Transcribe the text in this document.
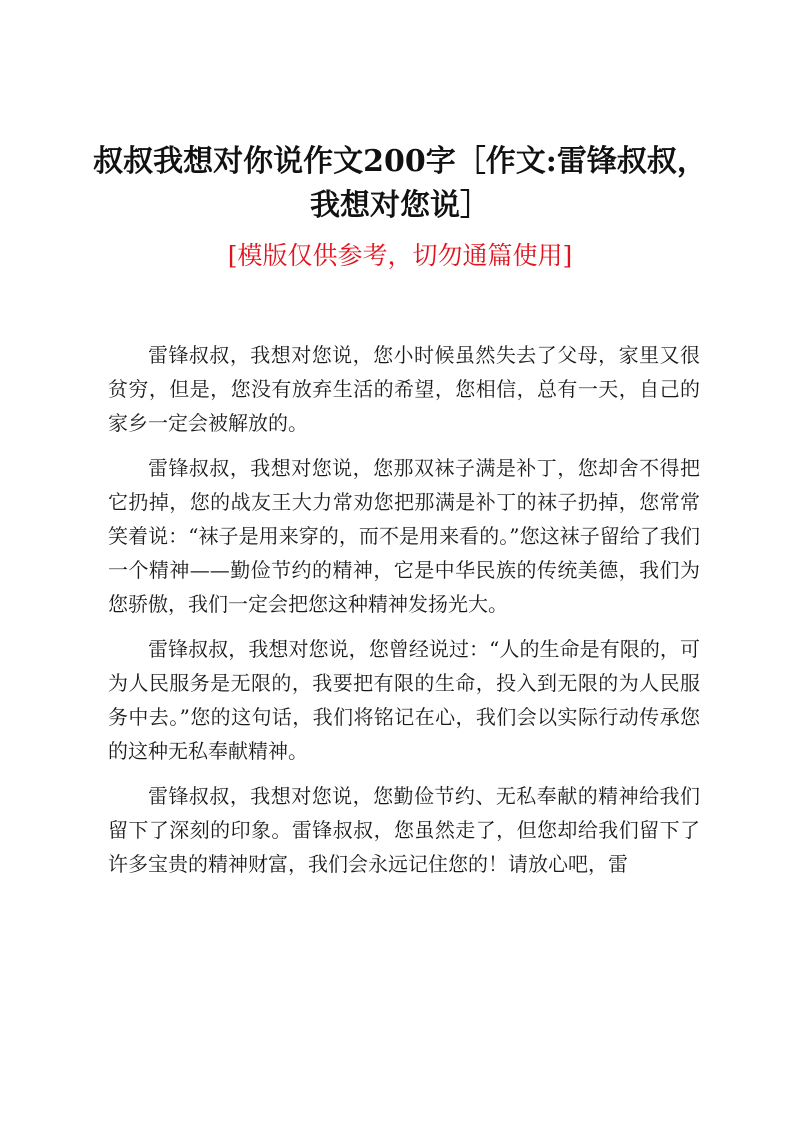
叔叔我想对你说作文200字［作文:雷锋叔叔，我想对您说］
[模版仅供参考，切勿通篇使用]

雷锋叔叔，我想对您说，您小时候虽然失去了父母，家里又很贫穷，但是，您没有放弃生活的希望，您相信，总有一天，自己的家乡一定会被解放的。

雷锋叔叔，我想对您说，您那双袜子满是补丁，您却舍不得把它扔掉，您的战友王大力常劝您把那满是补丁的袜子扔掉，您常常笑着说：“袜子是用来穿的，而不是用来看的。”您这袜子留给了我们一个精神——勤俭节约的精神，它是中华民族的传统美德，我们为您骄傲，我们一定会把您这种精神发扬光大。

雷锋叔叔，我想对您说，您曾经说过：“人的生命是有限的，可为人民服务是无限的，我要把有限的生命，投入到无限的为人民服务中去。”您的这句话，我们将铭记在心，我们会以实际行动传承您的这种无私奉献精神。

雷锋叔叔，我想对您说，您勤俭节约、无私奉献的精神给我们留下了深刻的印象。雷锋叔叔，您虽然走了，但您却给我们留下了许多宝贵的精神财富，我们会永远记住您的！请放心吧，雷
